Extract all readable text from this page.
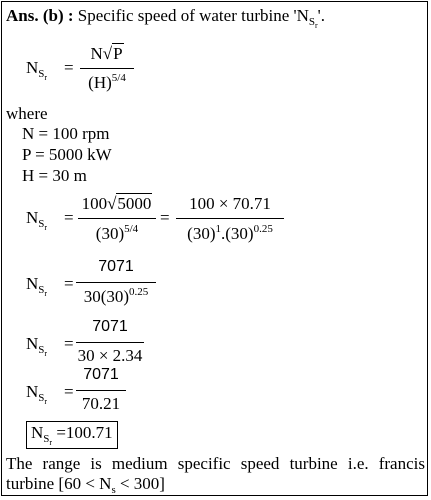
Ans. (b) : Specific speed of water turbine '$N_{S_r}$'.
$N_{S_r}$
=
N√P
$(H)^{5/4}$
where
N = 100 rpm
P = 5000 kW
H = 30 m
$N_{S_r}$
=
100√5000
$(30)^{5/4}$
=
100 × 70.71
$(30)^1.(30)^{0.25}$
$N_{S_r}$
=
7071
$30(30)^{0.25}$
$N_{S_r}$
=
7071
30 × 2.34
$N_{S_r}$
=
7071
70.21
$N_{S_r} =100.71$
The range is medium specific speed turbine i.e. francis turbine $[60 < N_s < 300]$
